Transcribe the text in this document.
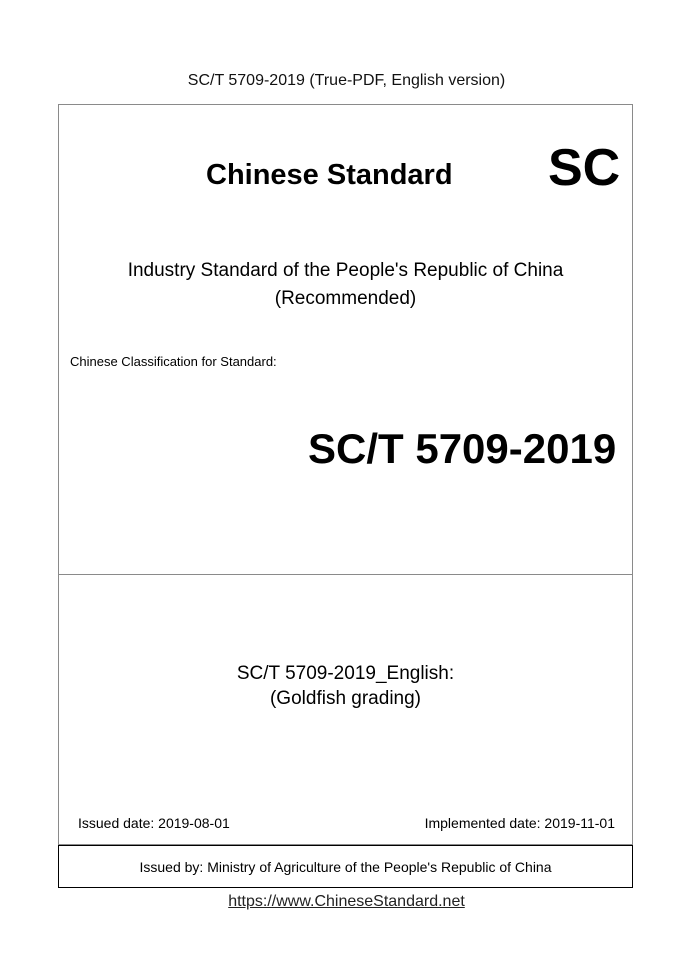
SC/T 5709-2019 (True-PDF, English version)
Chinese Standard SC
Industry Standard of the People's Republic of China
(Recommended)
Chinese Classification for Standard:
SC/T 5709-2019
SC/T 5709-2019_English:
(Goldfish grading)
Issued date: 2019-08-01	Implemented date: 2019-11-01
Issued by: Ministry of Agriculture of the People's Republic of China
https://www.ChineseStandard.net
